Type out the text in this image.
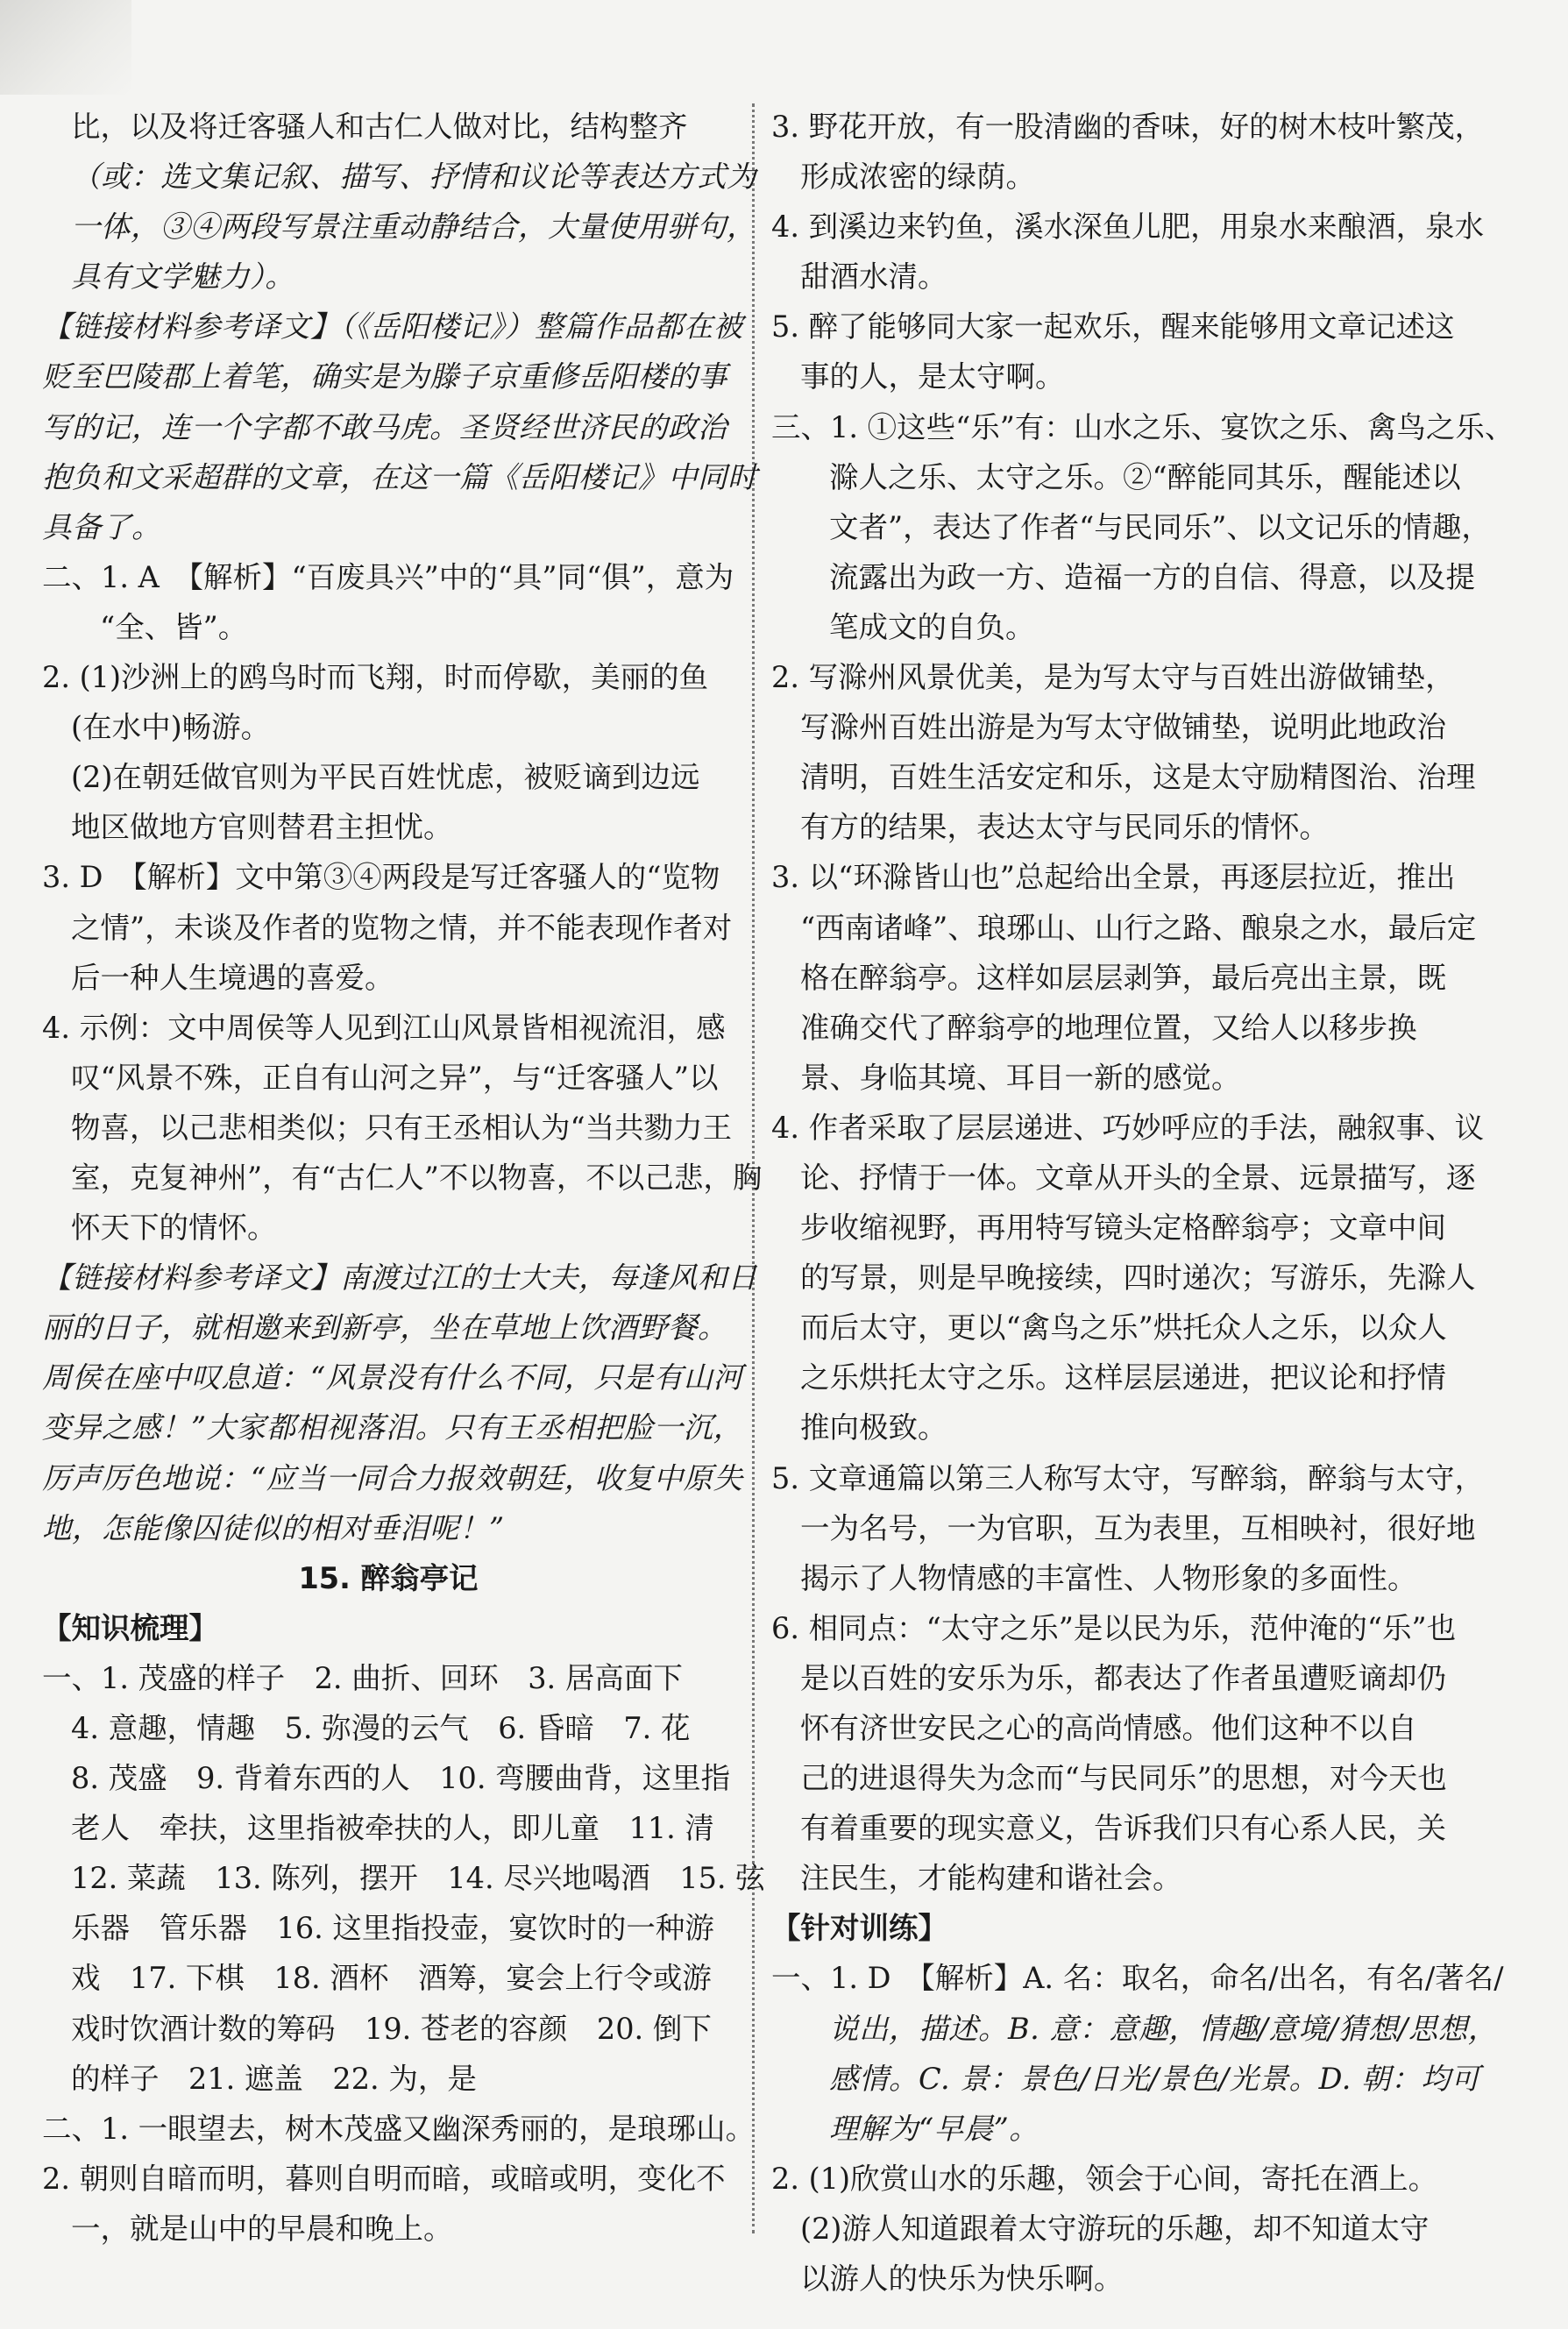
比，以及将迁客骚人和古仁人做对比，结构整齐
（或：选文集记叙、描写、抒情和议论等表达方式为
一体，③④两段写景注重动静结合，大量使用骈句，
具有文学魅力）。
【链接材料参考译文】（《岳阳楼记》）整篇作品都在被
贬至巴陵郡上着笔，确实是为滕子京重修岳阳楼的事
写的记，连一个字都不敢马虎。圣贤经世济民的政治
抱负和文采超群的文章，在这一篇《岳阳楼记》中同时
具备了。
二、1. A　【解析】“百废具兴”中的“具”同“俱”，意为
“全、皆”。
2. (1)沙洲上的鸥鸟时而飞翔，时而停歇，美丽的鱼
(在水中)畅游。
(2)在朝廷做官则为平民百姓忧虑，被贬谪到边远
地区做地方官则替君主担忧。
3. D　【解析】文中第③④两段是写迁客骚人的“览物
之情”，未谈及作者的览物之情，并不能表现作者对
后一种人生境遇的喜爱。
4. 示例：文中周侯等人见到江山风景皆相视流泪，感
叹“风景不殊，正自有山河之异”，与“迁客骚人”以
物喜，以己悲相类似；只有王丞相认为“当共勠力王
室，克复神州”，有“古仁人”不以物喜，不以己悲，胸
怀天下的情怀。
【链接材料参考译文】南渡过江的士大夫，每逢风和日
丽的日子，就相邀来到新亭，坐在草地上饮酒野餐。
周侯在座中叹息道：“风景没有什么不同，只是有山河
变异之感！”大家都相视落泪。只有王丞相把脸一沉，
厉声厉色地说：“应当一同合力报效朝廷，收复中原失
地，怎能像囚徒似的相对垂泪呢！”
15. 醉翁亭记
【知识梳理】
一、1. 茂盛的样子　2. 曲折、回环　3. 居高面下
4. 意趣，情趣　5. 弥漫的云气　6. 昏暗　7. 花
8. 茂盛　9. 背着东西的人　10. 弯腰曲背，这里指
老人　牵扶，这里指被牵扶的人，即儿童　11. 清
12. 菜蔬　13. 陈列，摆开　14. 尽兴地喝酒　15. 弦
乐器　管乐器　16. 这里指投壶，宴饮时的一种游
戏　17. 下棋　18. 酒杯　酒筹，宴会上行令或游
戏时饮酒计数的筹码　19. 苍老的容颜　20. 倒下
的样子　21. 遮盖　22. 为，是
二、1. 一眼望去，树木茂盛又幽深秀丽的，是琅琊山。
2. 朝则自暗而明，暮则自明而暗，或暗或明，变化不
一，就是山中的早晨和晚上。
3. 野花开放，有一股清幽的香味，好的树木枝叶繁茂，
形成浓密的绿荫。
4. 到溪边来钓鱼，溪水深鱼儿肥，用泉水来酿酒，泉水
甜酒水清。
5. 醉了能够同大家一起欢乐，醒来能够用文章记述这
事的人，是太守啊。
三、1. ①这些“乐”有：山水之乐、宴饮之乐、禽鸟之乐、
滁人之乐、太守之乐。②“醉能同其乐，醒能述以
文者”，表达了作者“与民同乐”、以文记乐的情趣，
流露出为政一方、造福一方的自信、得意，以及提
笔成文的自负。
2. 写滁州风景优美，是为写太守与百姓出游做铺垫，
写滁州百姓出游是为写太守做铺垫，说明此地政治
清明，百姓生活安定和乐，这是太守励精图治、治理
有方的结果，表达太守与民同乐的情怀。
3. 以“环滁皆山也”总起给出全景，再逐层拉近，推出
“西南诸峰”、琅琊山、山行之路、酿泉之水，最后定
格在醉翁亭。这样如层层剥笋，最后亮出主景，既
准确交代了醉翁亭的地理位置，又给人以移步换
景、身临其境、耳目一新的感觉。
4. 作者采取了层层递进、巧妙呼应的手法，融叙事、议
论、抒情于一体。文章从开头的全景、远景描写，逐
步收缩视野，再用特写镜头定格醉翁亭；文章中间
的写景，则是早晚接续，四时递次；写游乐，先滁人
而后太守，更以“禽鸟之乐”烘托众人之乐，以众人
之乐烘托太守之乐。这样层层递进，把议论和抒情
推向极致。
5. 文章通篇以第三人称写太守，写醉翁，醉翁与太守，
一为名号，一为官职，互为表里，互相映衬，很好地
揭示了人物情感的丰富性、人物形象的多面性。
6. 相同点：“太守之乐”是以民为乐，范仲淹的“乐”也
是以百姓的安乐为乐，都表达了作者虽遭贬谪却仍
怀有济世安民之心的高尚情感。他们这种不以自
己的进退得失为念而“与民同乐”的思想，对今天也
有着重要的现实意义，告诉我们只有心系人民，关
注民生，才能构建和谐社会。
【针对训练】
一、1. D　【解析】A. 名：取名，命名/出名，有名/著名/
说出，描述。B. 意：意趣，情趣/意境/猜想/思想，
感情。C. 景：景色/日光/景色/光景。D. 朝：均可
理解为“早晨”。
2. (1)欣赏山水的乐趣，领会于心间，寄托在酒上。
(2)游人知道跟着太守游玩的乐趣，却不知道太守
以游人的快乐为快乐啊。
